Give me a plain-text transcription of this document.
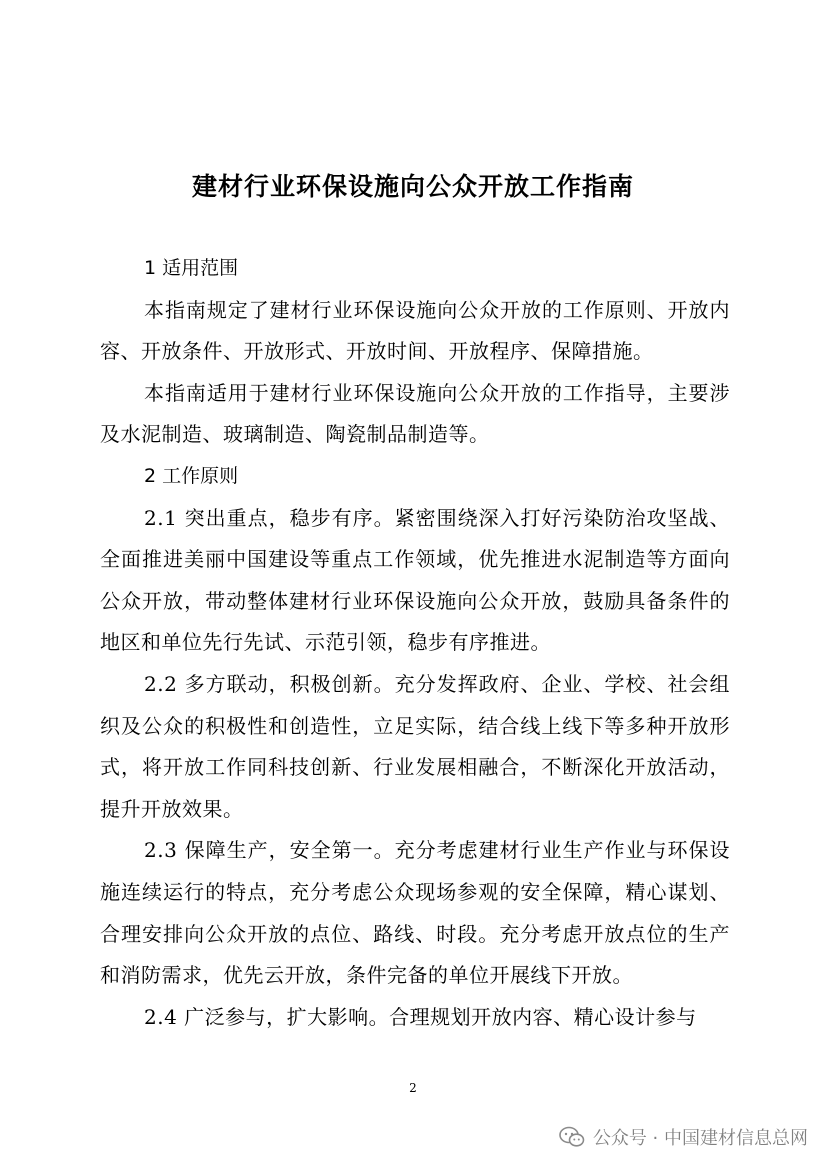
建材行业环保设施向公众开放工作指南
1 适用范围
本指南规定了建材行业环保设施向公众开放的工作原则、开放内容、开放条件、开放形式、开放时间、开放程序、保障措施。
本指南适用于建材行业环保设施向公众开放的工作指导，主要涉及水泥制造、玻璃制造、陶瓷制品制造等。
2 工作原则
2.1 突出重点，稳步有序。紧密围绕深入打好污染防治攻坚战、全面推进美丽中国建设等重点工作领域，优先推进水泥制造等方面向公众开放，带动整体建材行业环保设施向公众开放，鼓励具备条件的地区和单位先行先试、示范引领，稳步有序推进。
2.2 多方联动，积极创新。充分发挥政府、企业、学校、社会组织及公众的积极性和创造性，立足实际，结合线上线下等多种开放形式，将开放工作同科技创新、行业发展相融合，不断深化开放活动，提升开放效果。
2.3 保障生产，安全第一。充分考虑建材行业生产作业与环保设施连续运行的特点，充分考虑公众现场参观的安全保障，精心谋划、合理安排向公众开放的点位、路线、时段。充分考虑开放点位的生产和消防需求，优先云开放，条件完备的单位开展线下开放。
2.4 广泛参与，扩大影响。合理规划开放内容、精心设计参与
2
公众号 · 中国建材信息总网
